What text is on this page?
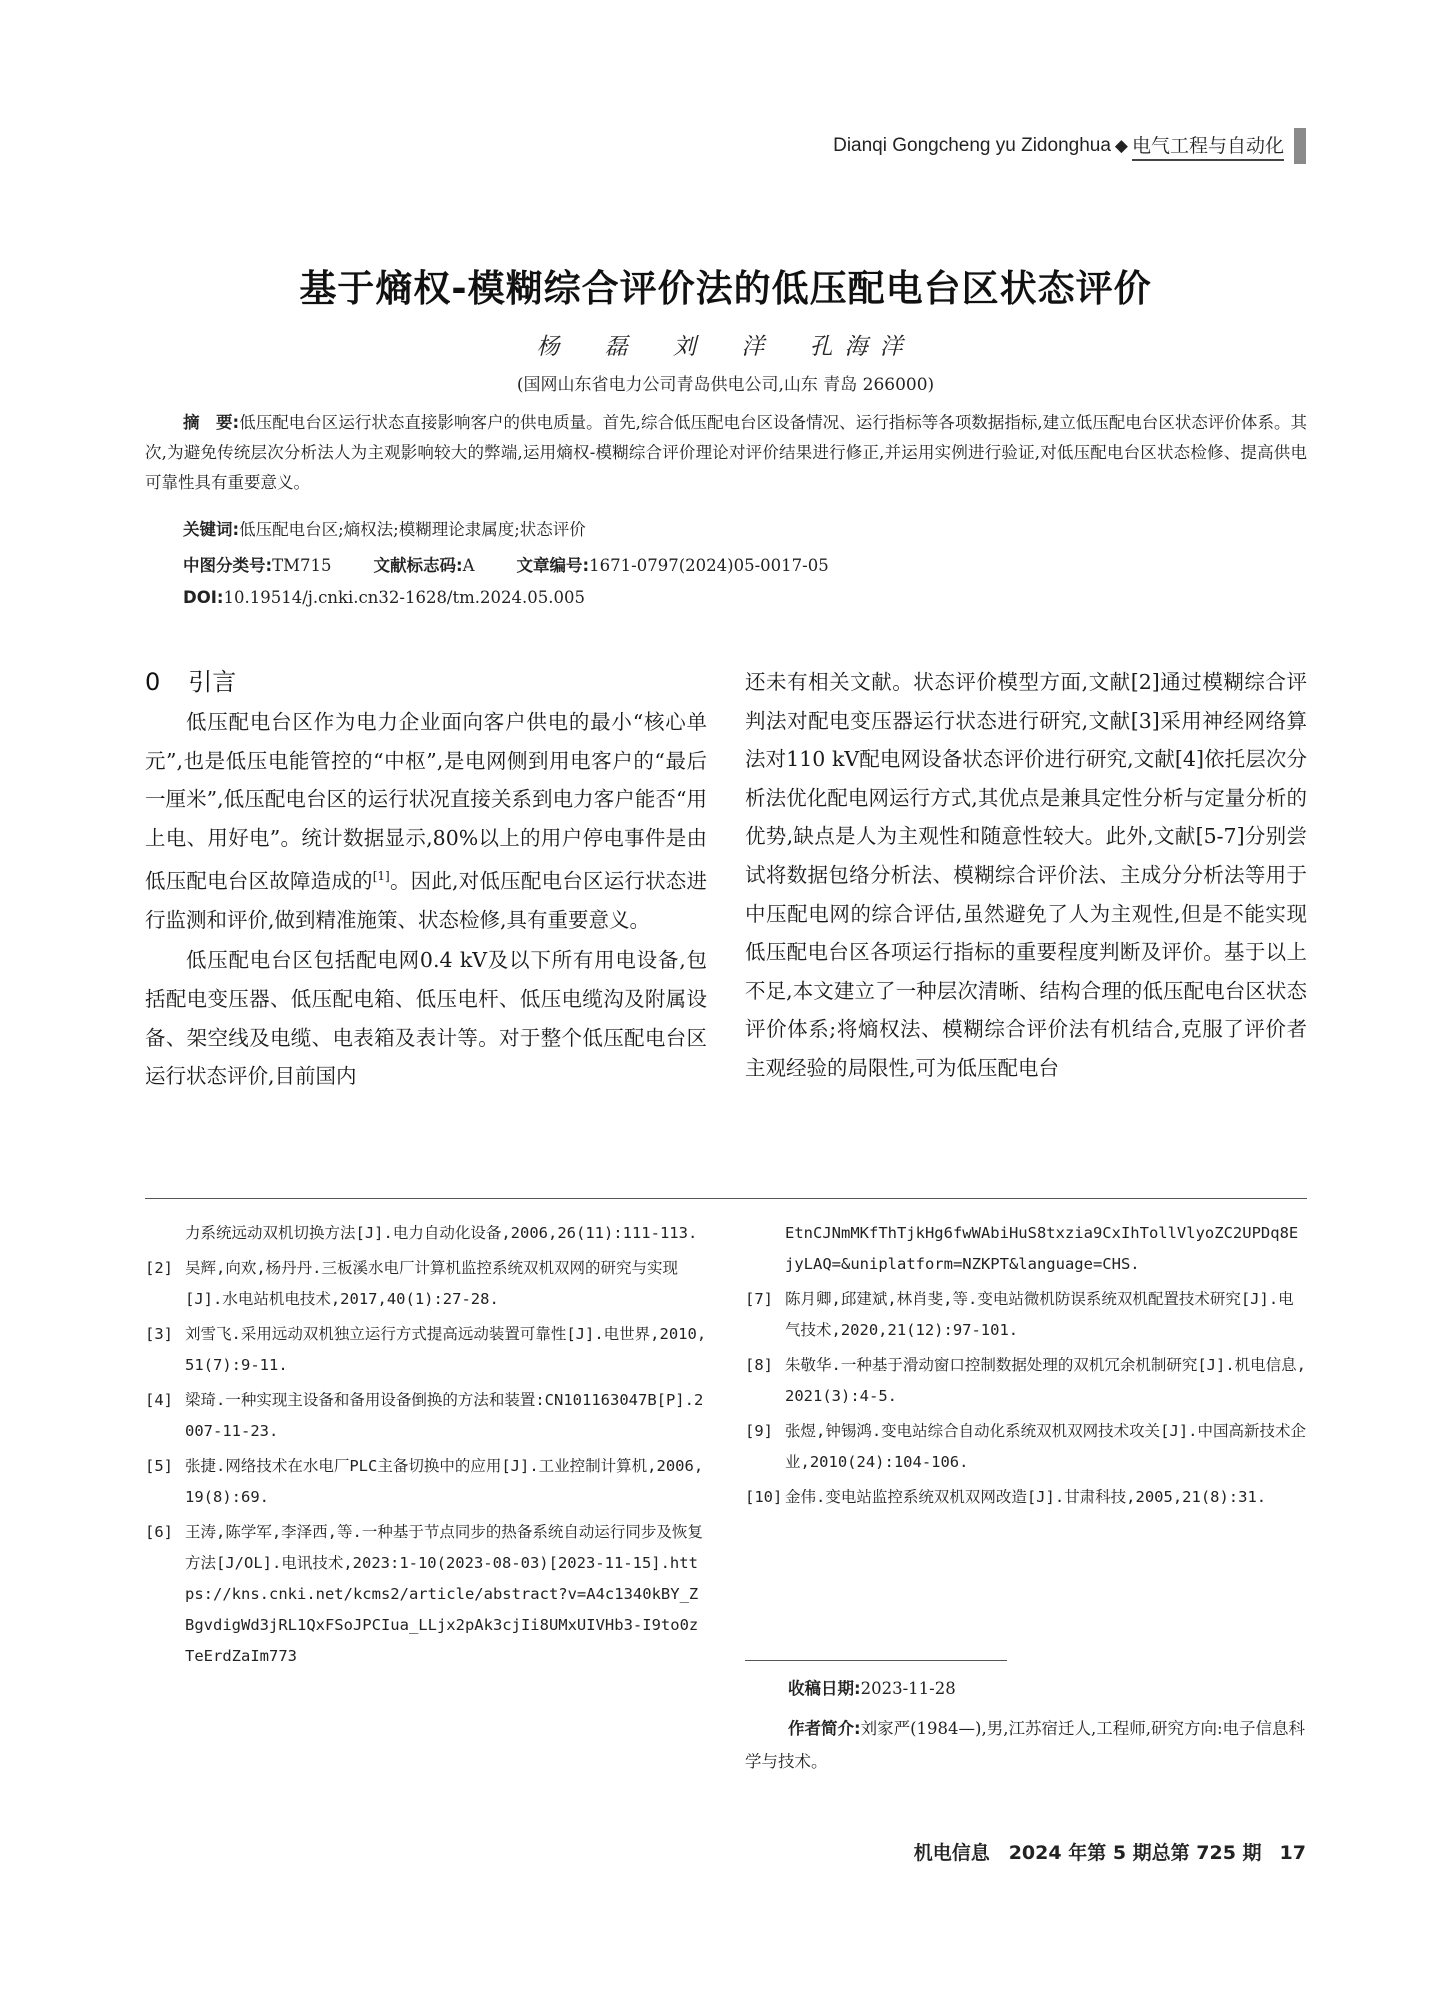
Dianqi Gongcheng yu Zidonghua ◆ 电气工程与自动化
基于熵权-模糊综合评价法的低压配电台区状态评价
杨 磊 刘 洋 孔海洋
(国网山东省电力公司青岛供电公司,山东 青岛 266000)
摘　要:低压配电台区运行状态直接影响客户的供电质量。首先,综合低压配电台区设备情况、运行指标等各项数据指标,建立低压配电台区状态评价体系。其次,为避免传统层次分析法人为主观影响较大的弊端,运用熵权-模糊综合评价理论对评价结果进行修正,并运用实例进行验证,对低压配电台区状态检修、提高供电可靠性具有重要意义。
关键词:低压配电台区;熵权法;模糊理论隶属度;状态评价
中图分类号:TM715	文献标志码:A	文章编号:1671-0797(2024)05-0017-05
DOI:10.19514/j.cnki.cn32-1628/tm.2024.05.005
0 引言

低压配电台区作为电力企业面向客户供电的最小“核心单元”,也是低压电能管控的“中枢”,是电网侧到用电客户的“最后一厘米”,低压配电台区的运行状况直接关系到电力客户能否“用上电、用好电”。统计数据显示,80%以上的用户停电事件是由低压配电台区故障造成的[1]。因此,对低压配电台区运行状态进行监测和评价,做到精准施策、状态检修,具有重要意义。

低压配电台区包括配电网0.4 kV及以下所有用电设备,包括配电变压器、低压配电箱、低压电杆、低压电缆沟及附属设备、架空线及电缆、电表箱及表计等。对于整个低压配电台区运行状态评价,目前国内

还未有相关文献。状态评价模型方面,文献[2]通过模糊综合评判法对配电变压器运行状态进行研究,文献[3]采用神经网络算法对110 kV配电网设备状态评价进行研究,文献[4]依托层次分析法优化配电网运行方式,其优点是兼具定性分析与定量分析的优势,缺点是人为主观性和随意性较大。此外,文献[5-7]分别尝试将数据包络分析法、模糊综合评价法、主成分分析法等用于中压配电网的综合评估,虽然避免了人为主观性,但是不能实现低压配电台区各项运行指标的重要程度判断及评价。基于以上不足,本文建立了一种层次清晰、结构合理的低压配电台区状态评价体系;将熵权法、模糊综合评价法有机结合,克服了评价者主观经验的局限性,可为低压配电台
力系统远动双机切换方法[J].电力自动化设备,2006,26(11):111-113.
[2] 吴辉,向欢,杨丹丹.三板溪水电厂计算机监控系统双机双网的研究与实现[J].水电站机电技术,2017,40(1):27-28.
[3] 刘雪飞.采用远动双机独立运行方式提高远动装置可靠性[J].电世界,2010,51(7):9-11.
[4] 梁琦.一种实现主设备和备用设备倒换的方法和装置:CN101163047B[P].2007-11-23.
[5] 张捷.网络技术在水电厂PLC主备切换中的应用[J].工业控制计算机,2006,19(8):69.
[6] 王涛,陈学军,李泽西,等.一种基于节点同步的热备系统自动运行同步及恢复方法[J/OL].电讯技术,2023:1-10(2023-08-03)[2023-11-15].https://kns.cnki.net/kcms2/article/abstract?v=A4c1340kBY_ZBgvdigWd3jRL1QxFSoJPCIua_LLjx2pAk3cjIi8UMxUIVHb3-I9to0zTeErdZaIm773
EtnCJNmMKfThTjkHg6fwWAbiHuS8txzia9CxIhTollVlyoZC2UPDq8EjyLAQ=&uniplatform=NZKPT&language=CHS.
[7] 陈月卿,邱建斌,林肖斐,等.变电站微机防误系统双机配置技术研究[J].电气技术,2020,21(12):97-101.
[8] 朱敬华.一种基于滑动窗口控制数据处理的双机冗余机制研究[J].机电信息,2021(3):4-5.
[9] 张煜,钟锡鸿.变电站综合自动化系统双机双网技术攻关[J].中国高新技术企业,2010(24):104-106.
[10] 金伟.变电站监控系统双机双网改造[J].甘肃科技,2005,21(8):31.
收稿日期:2023-11-28
作者简介:刘家严(1984—),男,江苏宿迁人,工程师,研究方向:电子信息科学与技术。
机电信息　2024 年第 5 期总第 725 期 17
